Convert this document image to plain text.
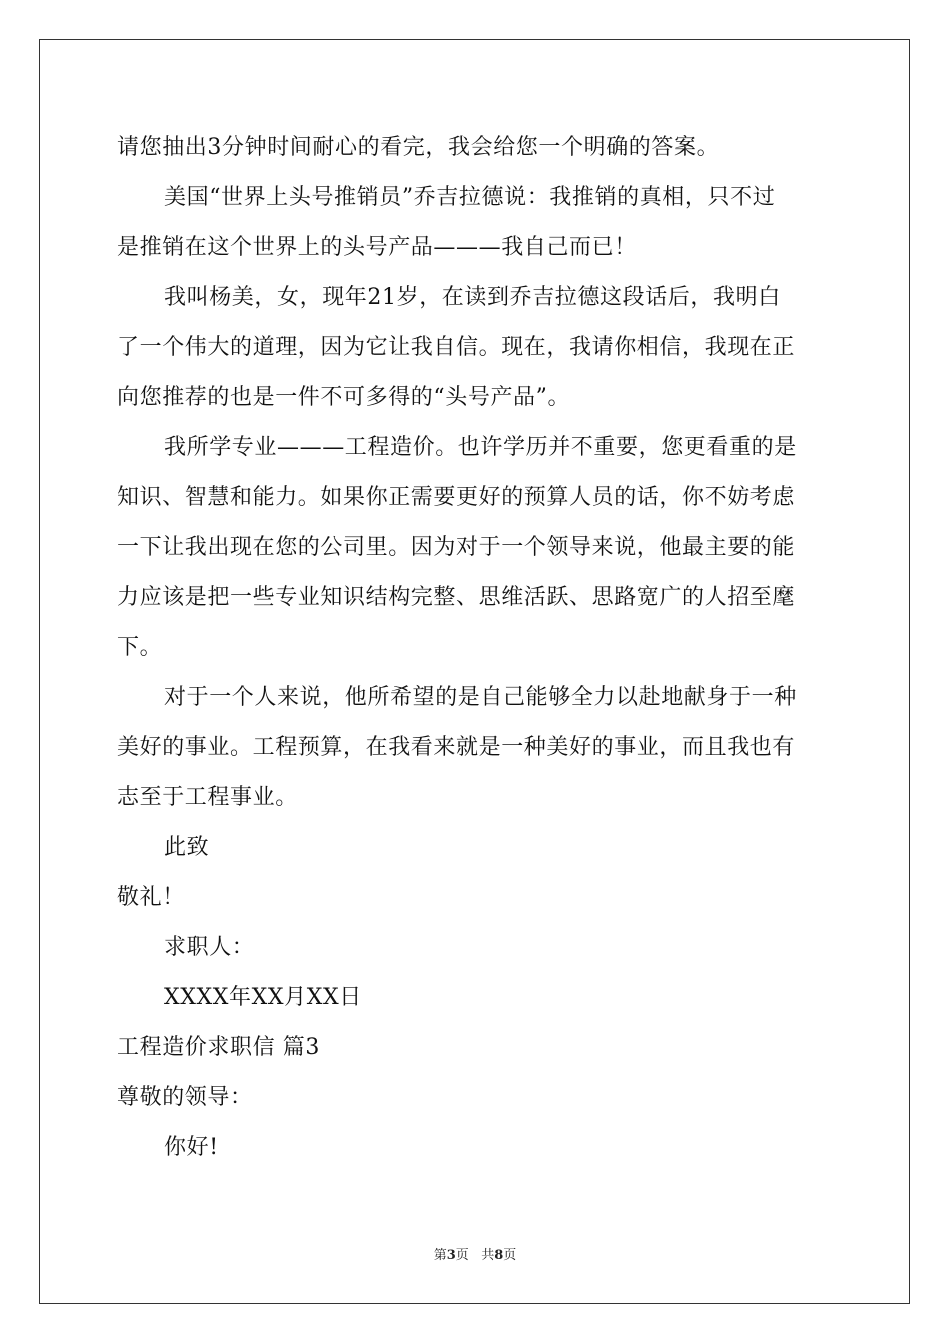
请您抽出3分钟时间耐心的看完，我会给您一个明确的答案。
美国“世界上头号推销员”乔吉拉德说：我推销的真相，只不过
是推销在这个世界上的头号产品———我自己而已！
我叫杨美，女，现年21岁，在读到乔吉拉德这段话后，我明白
了一个伟大的道理，因为它让我自信。现在，我请你相信，我现在正
向您推荐的也是一件不可多得的“头号产品”。
我所学专业———工程造价。也许学历并不重要，您更看重的是
知识、智慧和能力。如果你正需要更好的预算人员的话，你不妨考虑
一下让我出现在您的公司里。因为对于一个领导来说，他最主要的能
力应该是把一些专业知识结构完整、思维活跃、思路宽广的人招至麾
下。
对于一个人来说，他所希望的是自己能够全力以赴地献身于一种
美好的事业。工程预算，在我看来就是一种美好的事业，而且我也有
志至于工程事业。
此致
敬礼！
求职人：
XXXX年XX月XX日
工程造价求职信 篇3
尊敬的领导：
你好!
第3页 共8页
